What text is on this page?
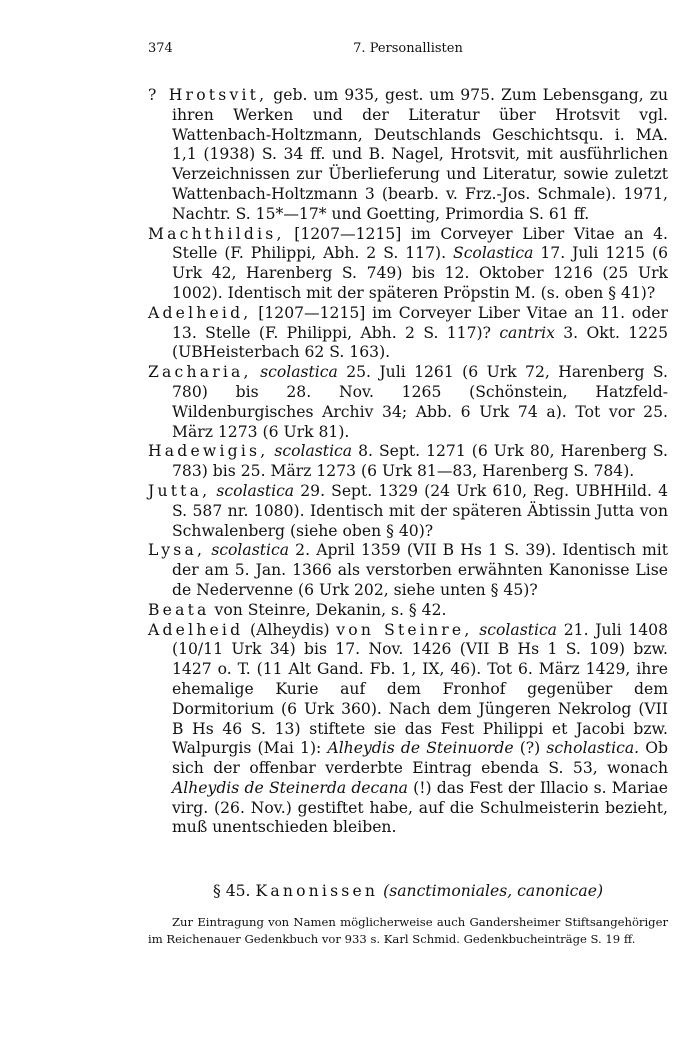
374	7. Personallisten

? Hrotsvit, geb. um 935, gest. um 975. Zum Lebensgang, zu ihren Werken und der Literatur über Hrotsvit vgl. Wattenbach-Holtzmann, Deutschlands Geschichtsqu. i. MA. 1,1 (1938) S. 34 ff. und B. Nagel, Hrotsvit, mit ausführlichen Verzeichnissen zur Überlieferung und Literatur, sowie zuletzt Wattenbach-Holtzmann 3 (bearb. v. Frz.-Jos. Schmale). 1971, Nachtr. S. 15*—17* und Goetting, Primordia S. 61 ff.

Machthildis, [1207—1215] im Corveyer Liber Vitae an 4. Stelle (F. Philippi, Abh. 2 S. 117). Scolastica 17. Juli 1215 (6 Urk 42, Harenberg S. 749) bis 12. Oktober 1216 (25 Urk 1002). Identisch mit der späteren Pröpstin M. (s. oben § 41)?

Adelheid, [1207—1215] im Corveyer Liber Vitae an 11. oder 13. Stelle (F. Philippi, Abh. 2 S. 117)? cantrix 3. Okt. 1225 (UBHeisterbach 62 S. 163).

Zacharia, scolastica 25. Juli 1261 (6 Urk 72, Harenberg S. 780) bis 28. Nov. 1265 (Schönstein, Hatzfeld-Wildenburgisches Archiv 34; Abb. 6 Urk 74 a). Tot vor 25. März 1273 (6 Urk 81).

Hadewigis, scolastica 8. Sept. 1271 (6 Urk 80, Harenberg S. 783) bis 25. März 1273 (6 Urk 81—83, Harenberg S. 784).

Jutta, scolastica 29. Sept. 1329 (24 Urk 610, Reg. UBHHild. 4 S. 587 nr. 1080). Identisch mit der späteren Äbtissin Jutta von Schwalenberg (siehe oben § 40)?

Lysa, scolastica 2. April 1359 (VII B Hs 1 S. 39). Identisch mit der am 5. Jan. 1366 als verstorben erwähnten Kanonisse Lise de Nedervenne (6 Urk 202, siehe unten § 45)?

Beata von Steinre, Dekanin, s. § 42.

Adelheid (Alheydis) von Steinre, scolastica 21. Juli 1408 (10/11 Urk 34) bis 17. Nov. 1426 (VII B Hs 1 S. 109) bzw. 1427 o. T. (11 Alt Gand. Fb. 1, IX, 46). Tot 6. März 1429, ihre ehemalige Kurie auf dem Fronhof gegenüber dem Dormitorium (6 Urk 360). Nach dem Jüngeren Nekrolog (VII B Hs 46 S. 13) stiftete sie das Fest Philippi et Jacobi bzw. Walpurgis (Mai 1): Alheydis de Steinuorde (?) scholastica. Ob sich der offenbar verderbte Eintrag ebenda S. 53, wonach Alheydis de Steinerda decana (!) das Fest der Illacio s. Mariae virg. (26. Nov.) gestiftet habe, auf die Schulmeisterin bezieht, muß unentschieden bleiben.

§ 45. Kanonissen (sanctimoniales, canonicae)

Zur Eintragung von Namen möglicherweise auch Gandersheimer Stiftsangehöriger im Reichenauer Gedenkbuch vor 933 s. Karl Schmid. Gedenkbucheinträge S. 19 ff.
